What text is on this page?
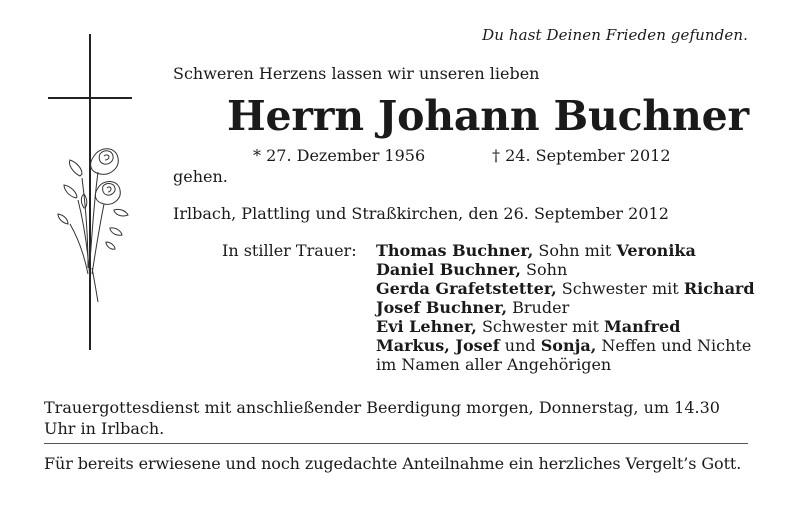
Du hast Deinen Frieden gefunden.
Schweren Herzens lassen wir unseren lieben
Herrn Johann Buchner
* 27. Dezember 1956	† 24. September 2012
gehen.
Irlbach, Plattling und Straßkirchen, den 26. September 2012
In stiller Trauer: Thomas Buchner, Sohn mit Veronika
Daniel Buchner, Sohn
Gerda Grafetstetter, Schwester mit Richard
Josef Buchner, Bruder
Evi Lehner, Schwester mit Manfred
Markus, Josef und Sonja, Neffen und Nichte
im Namen aller Angehörigen
Trauergottesdienst mit anschließender Beerdigung morgen, Donnerstag, um 14.30 Uhr in Irlbach.
Für bereits erwiesene und noch zugedachte Anteilnahme ein herzliches Vergelt’s Gott.
